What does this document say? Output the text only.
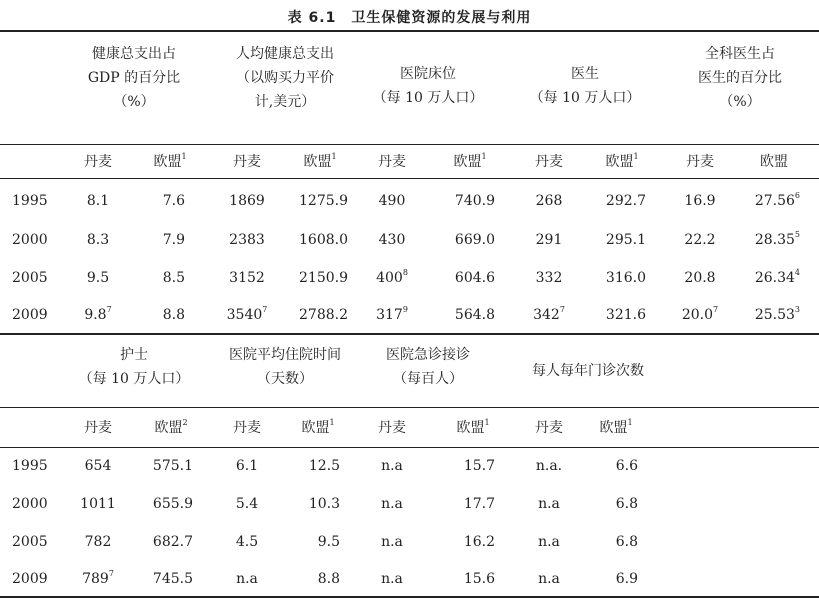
表 6.1　卫生保健资源的发展与利用
健康总支出占
GDP 的百分比
（%）
人均健康总支出
（以购买力平价
计,美元）
医院床位
（每 10 万人口）
医生
（每 10 万人口）
全科医生占
医生的百分比
（%）
丹麦	欧盟$^1$	丹麦	欧盟$^1$	丹麦	欧盟$^1$	丹麦	欧盟$^1$	丹麦	欧盟
1995	8.1	7.6	1869	1275.9	490	740.9	268	292.7	16.9	27.56$^6$
2000	8.3	7.9	2383	1608.0	430	669.0	291	295.1	22.2	28.35$^5$
2005	9.5	8.5	3152	2150.9	$400^8$	604.6	332	316.0	20.8	26.34$^4$
2009	$9.8^7$	8.8	3540$^7$	2788.2	$317^9$	564.8	$342^7$	321.6	20.0$^7$	25.53$^3$
护士
（每 10 万人口）
医院平均住院时间
（天数）
医院急诊接诊
（每百人）	每人每年门诊次数
丹麦	欧盟$^2$	丹麦	欧盟$^1$	丹麦	欧盟$^1$	丹麦	欧盟$^1$
1995	654	575.1	6.1	12.5	n.a	15.7	n.a.	6.6
2000	1011	655.9	5.4	10.3	n.a	17.7	n.a	6.8
2005	782	682.7	4.5	9.5	n.a	16.2	n.a	6.8
2009	$789^7$	745.5	n.a	8.8	n.a	15.6	n.a	6.9
